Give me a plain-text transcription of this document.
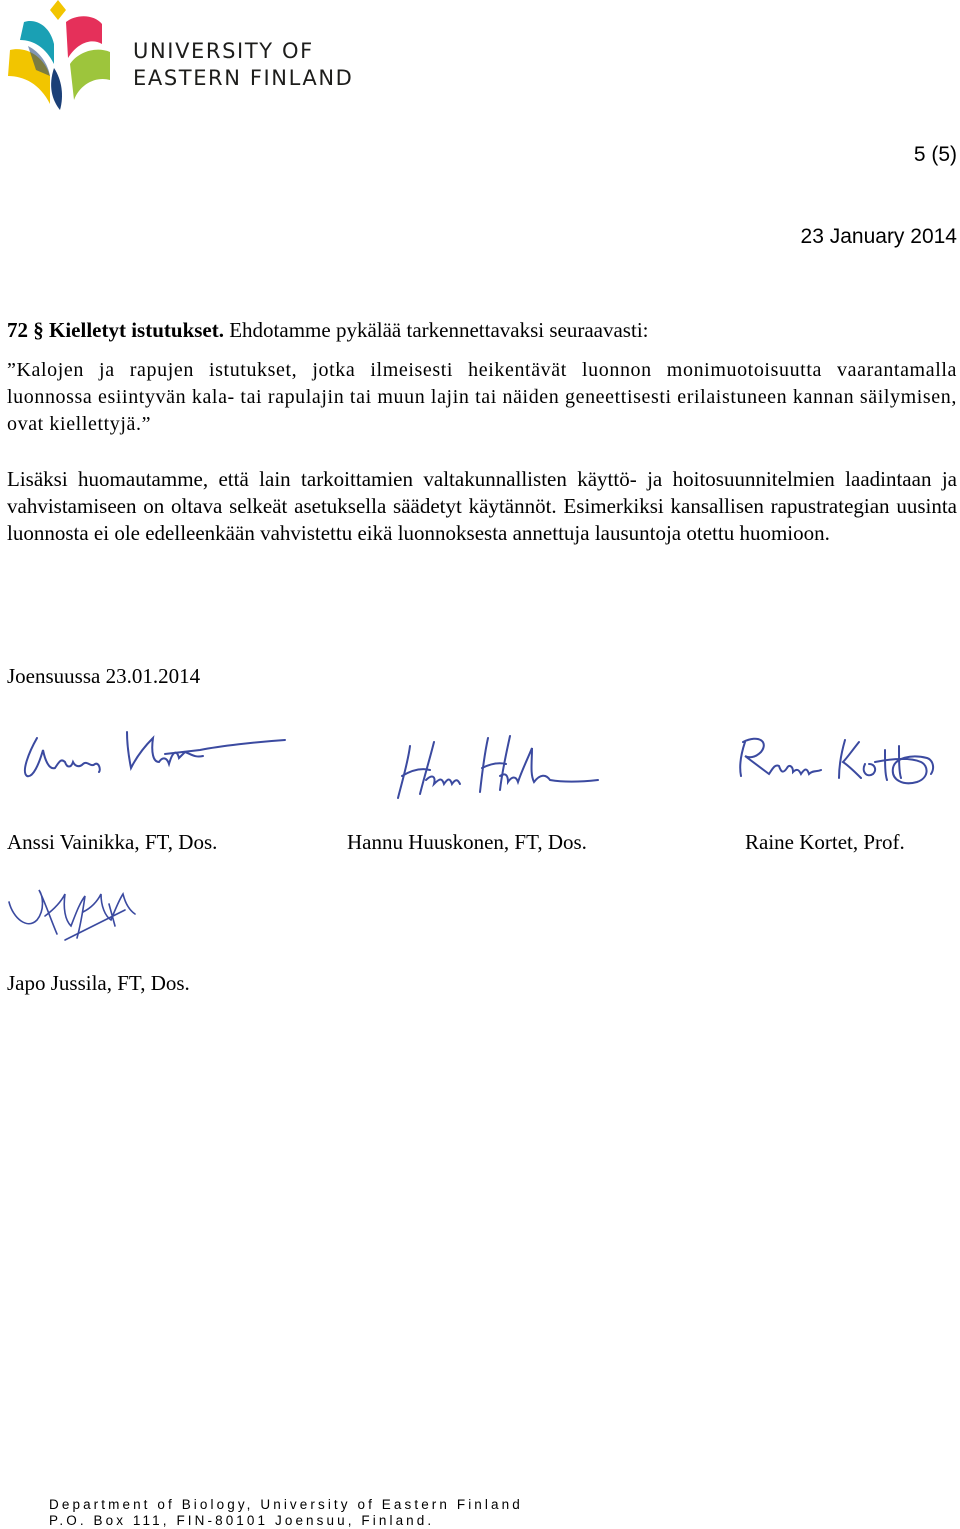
UNIVERSITY OF
EASTERN FINLAND
5 (5)
23 January 2014

72 § Kielletyt istutukset. Ehdotamme pykälää tarkennettavaksi seuraavasti:

”Kalojen ja rapujen istutukset, jotka ilmeisesti heikentävät luonnon monimuotoisuutta vaarantamalla luonnossa esiintyvän kala- tai rapulajin tai muun lajin tai näiden geneettisesti erilaistuneen kannan säilymisen, ovat kiellettyjä.”

Lisäksi huomautamme, että lain tarkoittamien valtakunnallisten käyttö- ja hoitosuunnitelmien laadintaan ja vahvistamiseen on oltava selkeät asetuksella säädetyt käytännöt. Esimerkiksi kansallisen rapustrategian uusinta luonnosta ei ole edelleenkään vahvistettu eikä luonnoksesta annettuja lausuntoja otettu huomioon.

Joensuussa 23.01.2014
Anssi Vainikka, FT, Dos.	Hannu Huuskonen, FT, Dos.	Raine Kortet, Prof.
Japo Jussila, FT, Dos.
Department of Biology, University of Eastern Finland
P.O. Box 111, FIN-80101 Joensuu, Finland.
